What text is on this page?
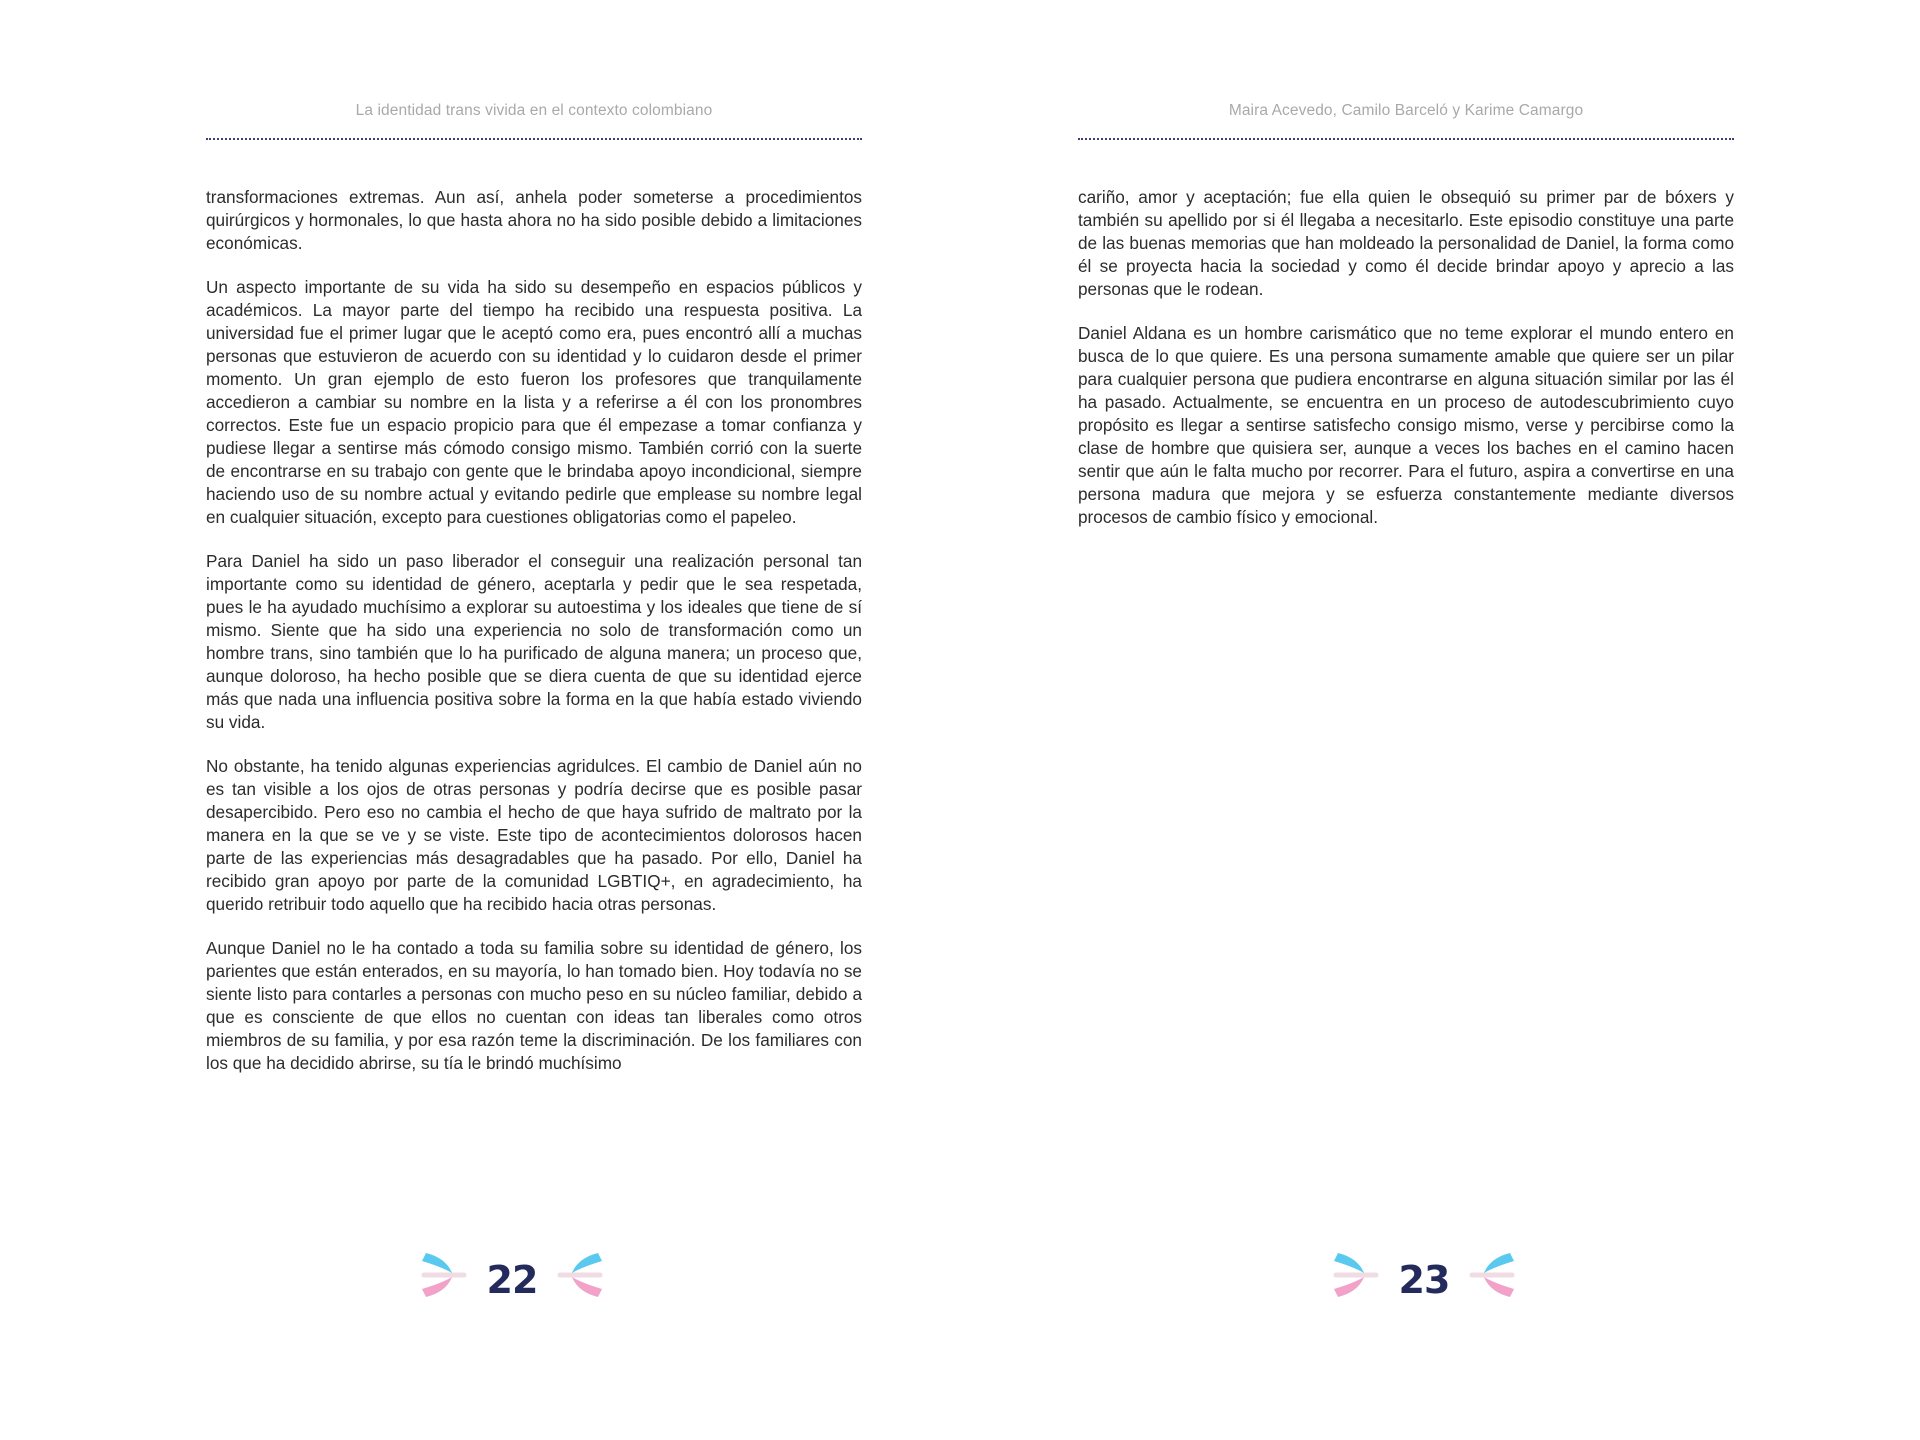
La identidad trans vivida en el contexto colombiano

transformaciones extremas. Aun así, anhela poder someterse a procedimientos quirúrgicos y hormonales, lo que hasta ahora no ha sido posible debido a limitaciones económicas.

Un aspecto importante de su vida ha sido su desempeño en espacios públicos y académicos. La mayor parte del tiempo ha recibido una respuesta positiva. La universidad fue el primer lugar que le aceptó como era, pues encontró allí a muchas personas que estuvieron de acuerdo con su identidad y lo cuidaron desde el primer momento. Un gran ejemplo de esto fueron los profesores que tranquilamente accedieron a cambiar su nombre en la lista y a referirse a él con los pronombres correctos. Este fue un espacio propicio para que él empezase a tomar confianza y pudiese llegar a sentirse más cómodo consigo mismo. También corrió con la suerte de encontrarse en su trabajo con gente que le brindaba apoyo incondicional, siempre haciendo uso de su nombre actual y evitando pedirle que emplease su nombre legal en cualquier situación, excepto para cuestiones obligatorias como el papeleo.

Para Daniel ha sido un paso liberador el conseguir una realización personal tan importante como su identidad de género, aceptarla y pedir que le sea respetada, pues le ha ayudado muchísimo a explorar su autoestima y los ideales que tiene de sí mismo. Siente que ha sido una experiencia no solo de transformación como un hombre trans, sino también que lo ha purificado de alguna manera; un proceso que, aunque doloroso, ha hecho posible que se diera cuenta de que su identidad ejerce más que nada una influencia positiva sobre la forma en la que había estado viviendo su vida.

No obstante, ha tenido algunas experiencias agridulces. El cambio de Daniel aún no es tan visible a los ojos de otras personas y podría decirse que es posible pasar desapercibido. Pero eso no cambia el hecho de que haya sufrido de maltrato por la manera en la que se ve y se viste. Este tipo de acontecimientos dolorosos hacen parte de las experiencias más desagradables que ha pasado. Por ello, Daniel ha recibido gran apoyo por parte de la comunidad LGBTIQ+, en agradecimiento, ha querido retribuir todo aquello que ha recibido hacia otras personas.

Aunque Daniel no le ha contado a toda su familia sobre su identidad de género, los parientes que están enterados, en su mayoría, lo han tomado bien. Hoy todavía no se siente listo para contarles a personas con mucho peso en su núcleo familiar, debido a que es consciente de que ellos no cuentan con ideas tan liberales como otros miembros de su familia, y por esa razón teme la discriminación. De los familiares con los que ha decidido abrirse, su tía le brindó muchísimo

22
Maira Acevedo, Camilo Barceló y Karime Camargo

cariño, amor y aceptación; fue ella quien le obsequió su primer par de bóxers y también su apellido por si él llegaba a necesitarlo. Este episodio constituye una parte de las buenas memorias que han moldeado la personalidad de Daniel, la forma como él se proyecta hacia la sociedad y como él decide brindar apoyo y aprecio a las personas que le rodean.

Daniel Aldana es un hombre carismático que no teme explorar el mundo entero en busca de lo que quiere. Es una persona sumamente amable que quiere ser un pilar para cualquier persona que pudiera encontrarse en alguna situación similar por las él ha pasado. Actualmente, se encuentra en un proceso de autodescubrimiento cuyo propósito es llegar a sentirse satisfecho consigo mismo, verse y percibirse como la clase de hombre que quisiera ser, aunque a veces los baches en el camino hacen sentir que aún le falta mucho por recorrer. Para el futuro, aspira a convertirse en una persona madura que mejora y se esfuerza constantemente mediante diversos procesos de cambio físico y emocional.

23
